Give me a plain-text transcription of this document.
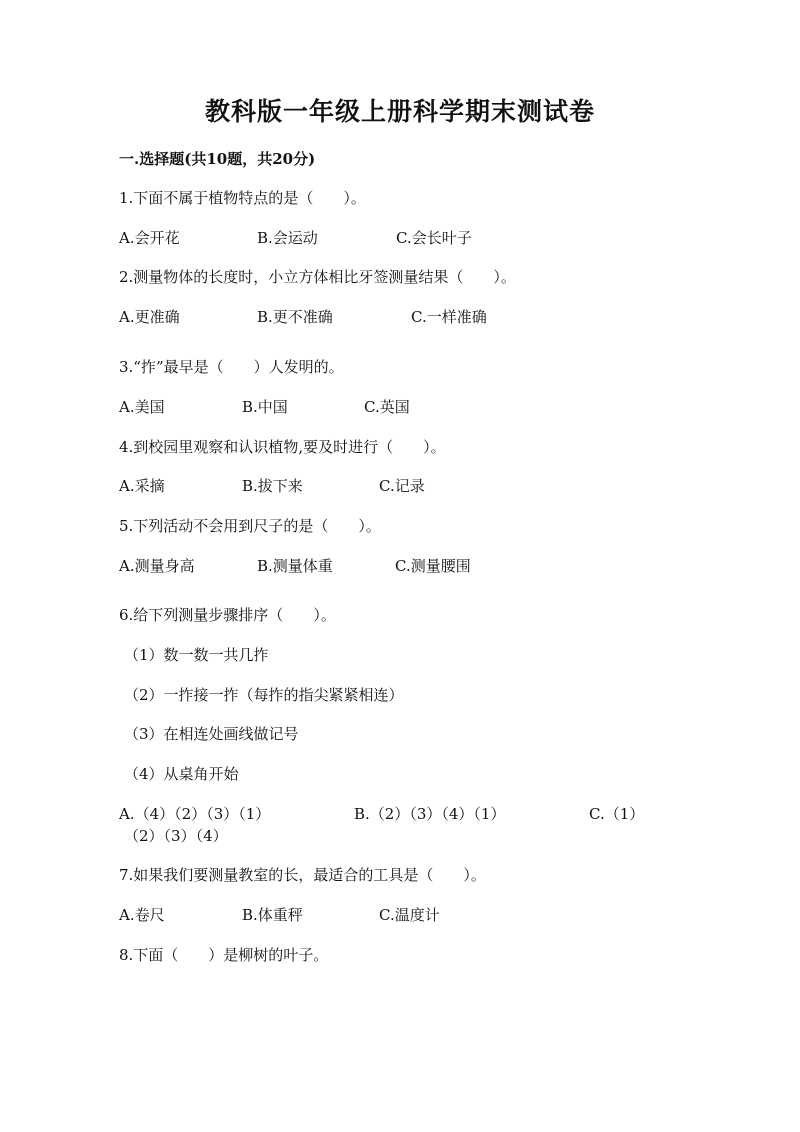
教科版一年级上册科学期末测试卷
一.选择题(共10题，共20分)
1.下面不属于植物特点的是（　　）。
A.会开花	B.会运动	C.会长叶子
2.测量物体的长度时，小立方体相比牙签测量结果（　　）。
A.更准确	B.更不准确	C.一样准确
3.“拃”最早是（　　）人发明的。
A.美国	B.中国	C.英国
4.到校园里观察和认识植物,要及时进行（　　）。
A.采摘	B.拔下来	C.记录
5.下列活动不会用到尺子的是（　　）。
A.测量身高	B.测量体重	C.测量腰围
6.给下列测量步骤排序（　　）。
（1）数一数一共几拃
（2）一拃接一拃（每拃的指尖紧紧相连）
（3）在相连处画线做记号
（4）从桌角开始
A.（4）（2）（3）（1）	B.（2）（3）（4）（1）	C.（1）
（2）（3）（4）
7.如果我们要测量教室的长，最适合的工具是（　　）。
A.卷尺	B.体重秤	C.温度计
8.下面（　　）是柳树的叶子。
